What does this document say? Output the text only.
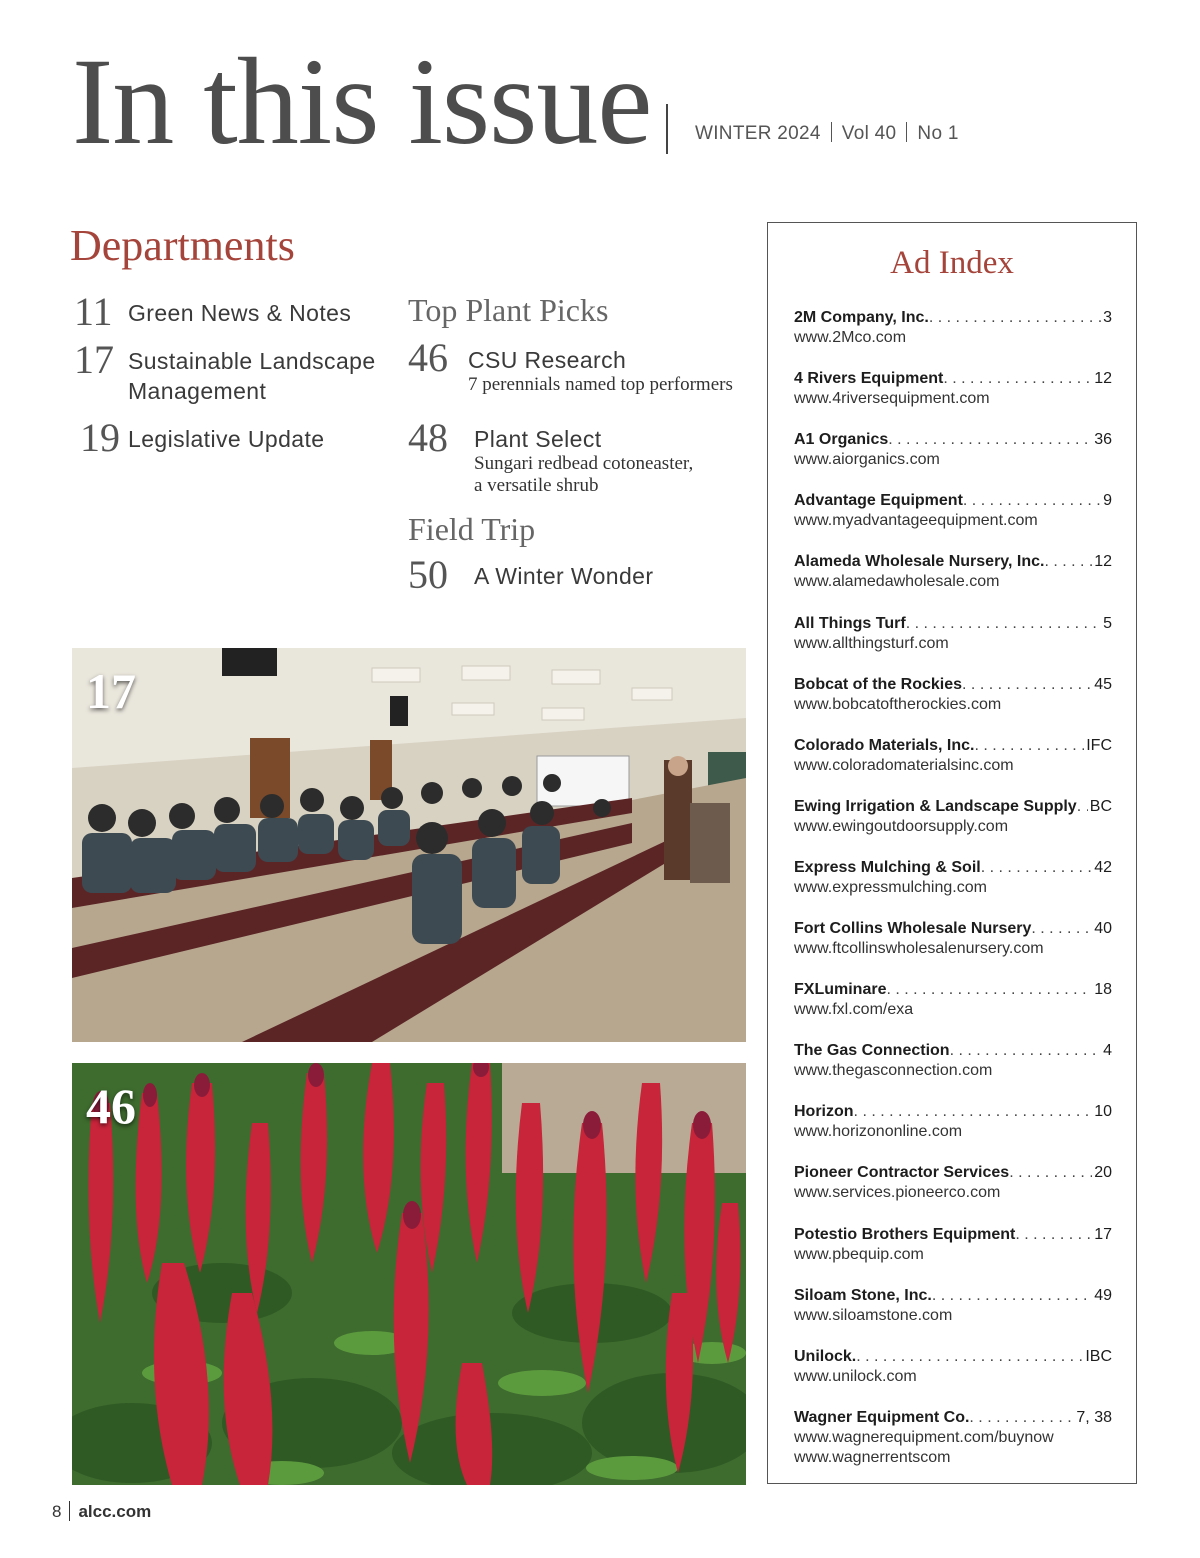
In this issue WINTER 2024 Vol 40 No 1
Departments
11 Green News & Notes
17 Sustainable Landscape
Management
19 Legislative Update
Top Plant Picks
46 CSU Research
7 perennials named top performers
48 Plant Select
Sungari redbead cotoneaster,
a versatile shrub
Field Trip
50 A Winter Wonder
17
46
Ad Index
2M Company, Inc. . . .	3
www.2Mco.com
4 Rivers Equipment . . .	12
www.4riversequipment.com
A1 Organics . . .	36
www.aiorganics.com
Advantage Equipment . . .	9
www.myadvantageequipment.com
Alameda Wholesale Nursery, Inc. . . .	12
www.alamedawholesale.com
All Things Turf . . .	5
www.allthingsturf.com
Bobcat of the Rockies . . .	45
www.bobcatoftherockies.com
Colorado Materials, Inc. . . .	IFC
www.coloradomaterialsinc.com
Ewing Irrigation & Landscape Supply . . . BC
www.ewingoutdoorsupply.com
Express Mulching & Soil . . .	42
www.expressmulching.com
Fort Collins Wholesale Nursery . . .	40
www.ftcollinswholesalenursery.com
FXLuminare . . .	18
www.fxl.com/exa
The Gas Connection . . .	4
www.thegasconnection.com
Horizon . . .	10
www.horizononline.com
Pioneer Contractor Services . . .	20
www.services.pioneerco.com
Potestio Brothers Equipment . . .	17
www.pbequip.com
Siloam Stone, Inc. . . .	49
www.siloamstone.com
Unilock. . . .	IBC
www.unilock.com
Wagner Equipment Co. . . .	7, 38
www.wagnerequipment.com/buynow
www.wagnerrentscom
8 alcc.com
